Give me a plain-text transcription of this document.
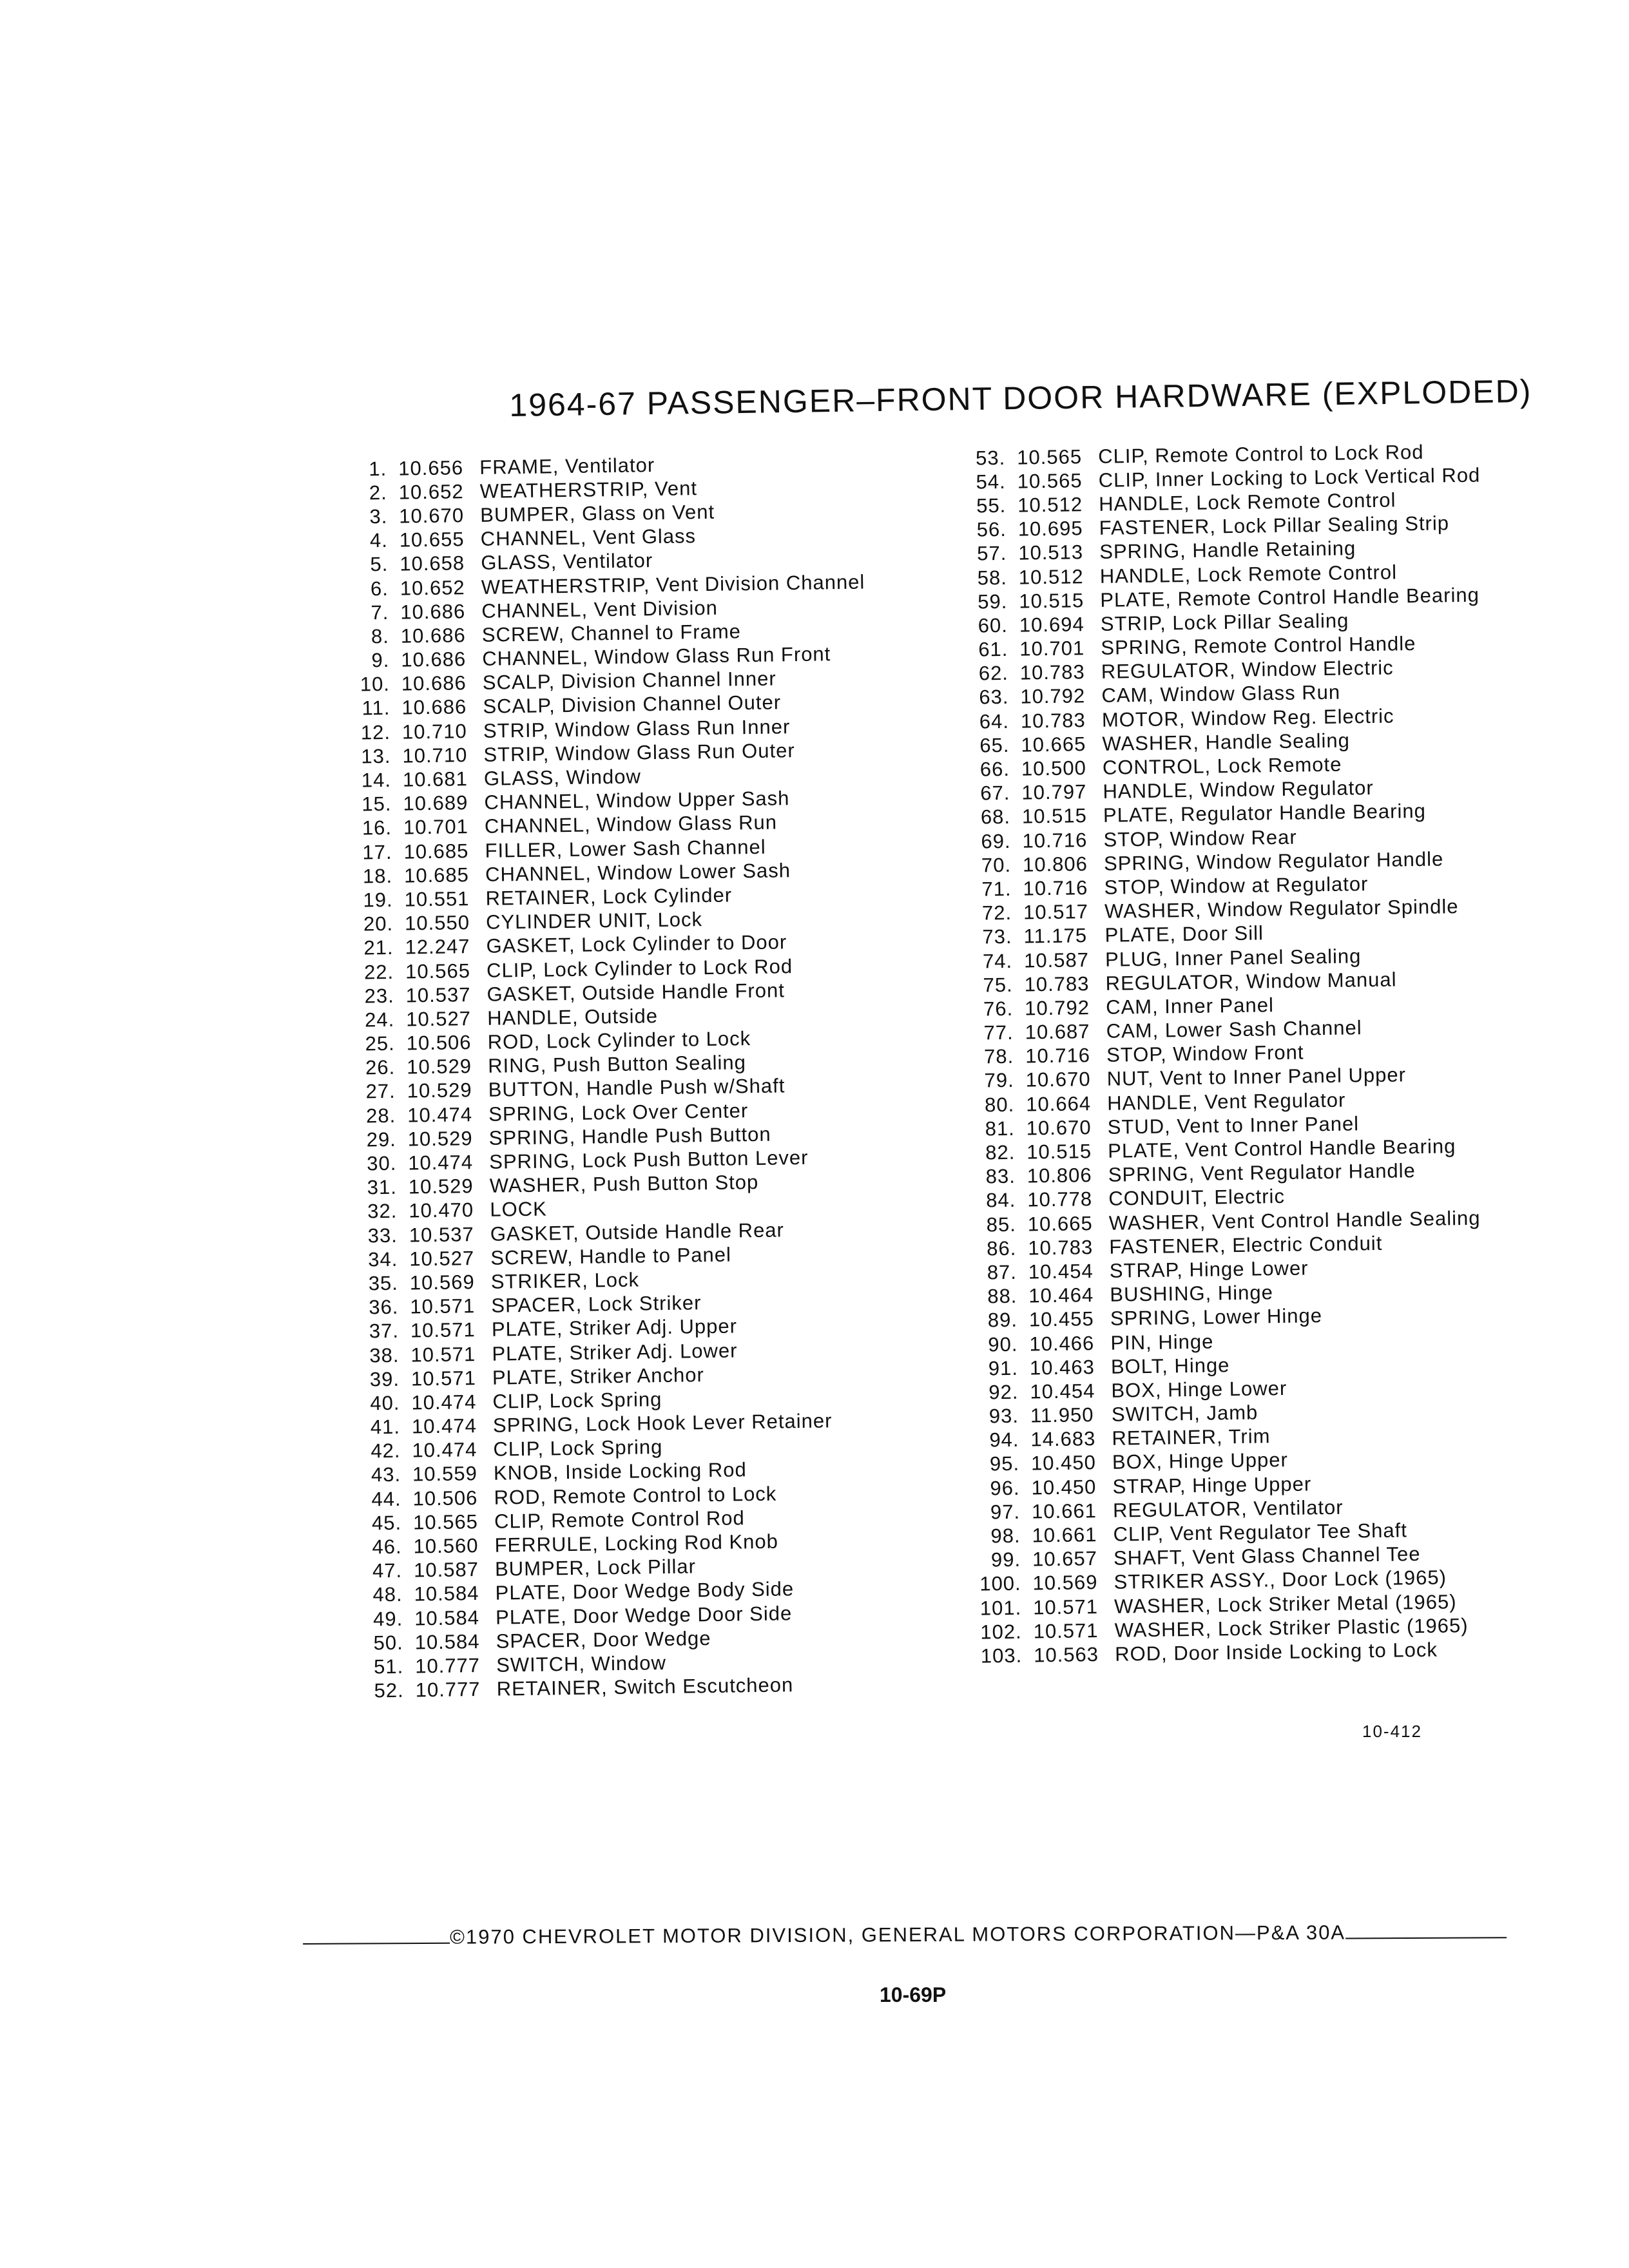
1964-67 PASSENGER–FRONT DOOR HARDWARE (EXPLODED)
1. 10.656 FRAME, Ventilator
2. 10.652 WEATHERSTRIP, Vent
3. 10.670 BUMPER, Glass on Vent
4. 10.655 CHANNEL, Vent Glass
5. 10.658 GLASS, Ventilator
6. 10.652 WEATHERSTRIP, Vent Division Channel
7. 10.686 CHANNEL, Vent Division
8. 10.686 SCREW, Channel to Frame
9. 10.686 CHANNEL, Window Glass Run Front
10. 10.686 SCALP, Division Channel Inner
11. 10.686 SCALP, Division Channel Outer
12. 10.710 STRIP, Window Glass Run Inner
13. 10.710 STRIP, Window Glass Run Outer
14. 10.681 GLASS, Window
15. 10.689 CHANNEL, Window Upper Sash
16. 10.701 CHANNEL, Window Glass Run
17. 10.685 FILLER, Lower Sash Channel
18. 10.685 CHANNEL, Window Lower Sash
19. 10.551 RETAINER, Lock Cylinder
20. 10.550 CYLINDER UNIT, Lock
21. 12.247 GASKET, Lock Cylinder to Door
22. 10.565 CLIP, Lock Cylinder to Lock Rod
23. 10.537 GASKET, Outside Handle Front
24. 10.527 HANDLE, Outside
25. 10.506 ROD, Lock Cylinder to Lock
26. 10.529 RING, Push Button Sealing
27. 10.529 BUTTON, Handle Push w/Shaft
28. 10.474 SPRING, Lock Over Center
29. 10.529 SPRING, Handle Push Button
30. 10.474 SPRING, Lock Push Button Lever
31. 10.529 WASHER, Push Button Stop
32. 10.470 LOCK
33. 10.537 GASKET, Outside Handle Rear
34. 10.527 SCREW, Handle to Panel
35. 10.569 STRIKER, Lock
36. 10.571 SPACER, Lock Striker
37. 10.571 PLATE, Striker Adj. Upper
38. 10.571 PLATE, Striker Adj. Lower
39. 10.571 PLATE, Striker Anchor
40. 10.474 CLIP, Lock Spring
41. 10.474 SPRING, Lock Hook Lever Retainer
42. 10.474 CLIP, Lock Spring
43. 10.559 KNOB, Inside Locking Rod
44. 10.506 ROD, Remote Control to Lock
45. 10.565 CLIP, Remote Control Rod
46. 10.560 FERRULE, Locking Rod Knob
47. 10.587 BUMPER, Lock Pillar
48. 10.584 PLATE, Door Wedge Body Side
49. 10.584 PLATE, Door Wedge Door Side
50. 10.584 SPACER, Door Wedge
51. 10.777 SWITCH, Window
52. 10.777 RETAINER, Switch Escutcheon
53. 10.565 CLIP, Remote Control to Lock Rod
54. 10.565 CLIP, Inner Locking to Lock Vertical Rod
55. 10.512 HANDLE, Lock Remote Control
56. 10.695 FASTENER, Lock Pillar Sealing Strip
57. 10.513 SPRING, Handle Retaining
58. 10.512 HANDLE, Lock Remote Control
59. 10.515 PLATE, Remote Control Handle Bearing
60. 10.694 STRIP, Lock Pillar Sealing
61. 10.701 SPRING, Remote Control Handle
62. 10.783 REGULATOR, Window Electric
63. 10.792 CAM, Window Glass Run
64. 10.783 MOTOR, Window Reg. Electric
65. 10.665 WASHER, Handle Sealing
66. 10.500 CONTROL, Lock Remote
67. 10.797 HANDLE, Window Regulator
68. 10.515 PLATE, Regulator Handle Bearing
69. 10.716 STOP, Window Rear
70. 10.806 SPRING, Window Regulator Handle
71. 10.716 STOP, Window at Regulator
72. 10.517 WASHER, Window Regulator Spindle
73. 11.175 PLATE, Door Sill
74. 10.587 PLUG, Inner Panel Sealing
75. 10.783 REGULATOR, Window Manual
76. 10.792 CAM, Inner Panel
77. 10.687 CAM, Lower Sash Channel
78. 10.716 STOP, Window Front
79. 10.670 NUT, Vent to Inner Panel Upper
80. 10.664 HANDLE, Vent Regulator
81. 10.670 STUD, Vent to Inner Panel
82. 10.515 PLATE, Vent Control Handle Bearing
83. 10.806 SPRING, Vent Regulator Handle
84. 10.778 CONDUIT, Electric
85. 10.665 WASHER, Vent Control Handle Sealing
86. 10.783 FASTENER, Electric Conduit
87. 10.454 STRAP, Hinge Lower
88. 10.464 BUSHING, Hinge
89. 10.455 SPRING, Lower Hinge
90. 10.466 PIN, Hinge
91. 10.463 BOLT, Hinge
92. 10.454 BOX, Hinge Lower
93. 11.950 SWITCH, Jamb
94. 14.683 RETAINER, Trim
95. 10.450 BOX, Hinge Upper
96. 10.450 STRAP, Hinge Upper
97. 10.661 REGULATOR, Ventilator
98. 10.661 CLIP, Vent Regulator Tee Shaft
99. 10.657 SHAFT, Vent Glass Channel Tee
100. 10.569 STRIKER ASSY., Door Lock (1965)
101. 10.571 WASHER, Lock Striker Metal (1965)
102. 10.571 WASHER, Lock Striker Plastic (1965)
103. 10.563 ROD, Door Inside Locking to Lock
10-412
©1970 CHEVROLET MOTOR DIVISION, GENERAL MOTORS CORPORATION—P&A 30A
10-69P
